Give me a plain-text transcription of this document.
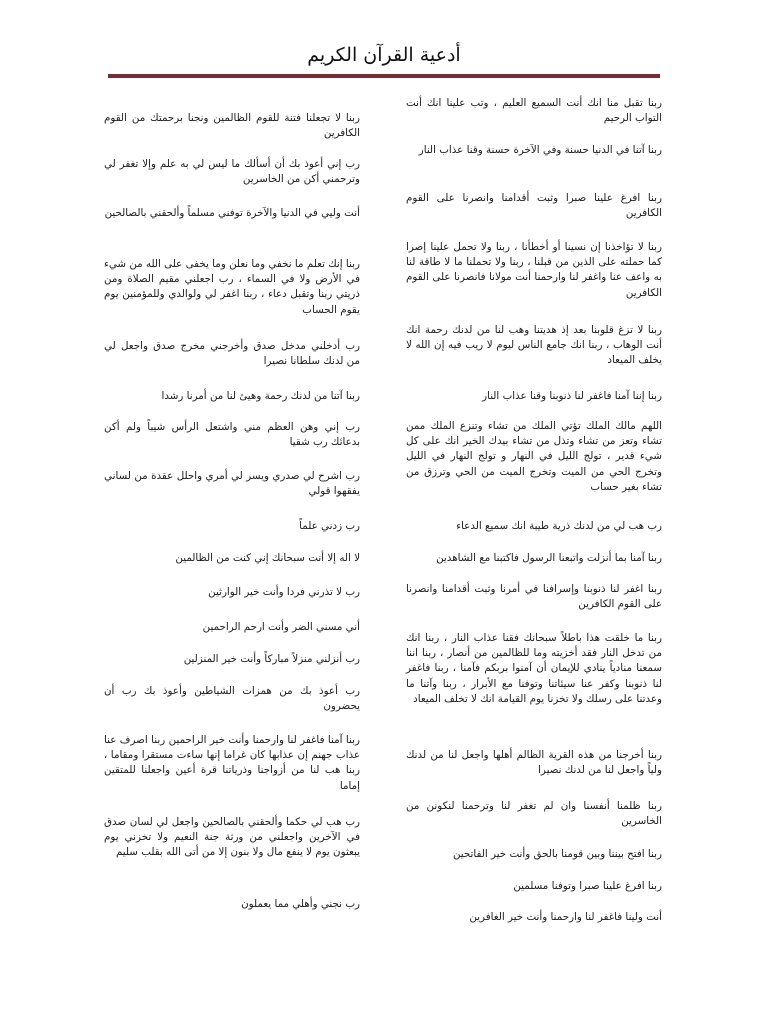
أدعية القرآن الكريم

ربنا تقبل منا انك أنت السميع العليم ، وتب علينا انك أنت التواب الرحيم

ربنا آتنا في الدنيا حسنة وفي الآخرة حسنة وقنا عذاب النار

ربنا افرغ علينا صبرا وثبت أقدامنا وانصرنا على القوم الكافرين

ربنا لا تؤاخذنا إن نسينا أو أخطأنا ، ربنا ولا تحمل علينا إصرا كما حملته على الذين من قبلنا ، ربنا ولا تحملنا ما لا طاقة لنا به واعف عنا واغفر لنا وارحمنا أنت مولانا فانصرنا على القوم الكافرين

ربنا لا تزغ قلوبنا بعد إذ هديتنا وهب لنا من لدنك رحمة انك أنت الوهاب ، ربنا انك جامع الناس ليوم لا ريب فيه إن الله لا يخلف الميعاد

ربنا إننا آمنا فاغفر لنا ذنوبنا وقنا عذاب النار

اللهم مالك الملك تؤتي الملك من تشاء وتنزع الملك ممن تشاء وتعز من تشاء وتذل من تشاء بيدك الخير انك على كل شيء قدير ، تولج الليل في النهار و تولج النهار في الليل وتخرج الحي من الميت وتخرج الميت من الحي وترزق من تشاء بغير حساب

رب هب لي من لدنك ذرية طيبة انك سميع الدعاء

ربنا آمنا بما أنزلت واتبعنا الرسول فاكتبنا مع الشاهدين

ربنا اغفر لنا ذنوبنا وإسرافنا في أمرنا وثبت أقدامنا وانصرنا على القوم الكافرين

ربنا ما خلقت هذا باطلاً سبحانك فقنا عذاب النار ، ربنا انك من تدخل النار فقد أخزيته وما للظالمين من أنصار ، ربنا اننا سمعنا منادياً ينادي للإيمان أن آمنوا بربكم فآمنا ، ربنا فاغفر لنا ذنوبنا وكفر عنا سيئاتنا وتوفنا مع الأبرار ، ربنا وآتنا ما وعدتنا على رسلك ولا تخزنا يوم القيامة انك لا تخلف الميعاد

ربنا أخرجنا من هذه القرية الظالم أهلها واجعل لنا من لدنك ولياً واجعل لنا من لدنك نصيرا

ربنا ظلمنا أنفسنا وان لم تغفر لنا وترحمنا لنكونن من الخاسرين

ربنا افتح بيننا وبين قومنا بالحق وأنت خير الفاتحين

ربنا افرغ علينا صبرا وتوفنا مسلمين

أنت ولينا فاغفر لنا وارحمنا وأنت خير الغافرين

ربنا لا تجعلنا فتنة للقوم الظالمين ونجنا برحمتك من القوم الكافرين

رب إني أعوذ بك أن أسألك ما ليس لي به علم وإلا تغفر لي وترحمني أكن من الخاسرين

أنت وليي في الدنيا والآخرة توفني مسلماً وألحقني بالصالحين

ربنا إنك تعلم ما نخفي وما نعلن وما يخفى على الله من شيء في الأرض ولا في السماء ، رب اجعلني مقيم الصلاة ومن ذريتي ربنا وتقبل دعاء ، ربنا اغفر لي ولوالدي وللمؤمنين يوم يقوم الحساب

رب أدخلني مدخل صدق وأخرجني مخرج صدق واجعل لي من لدنك سلطانا نصيرا

ربنا آتنا من لدنك رحمة وهيئ لنا من أمرنا رشدا

رب إني وهن العظم مني واشتعل الرأس شيباً ولم أكن بدعائك رب شقيا

رب اشرح لي صدري ويسر لي أمري واحلل عقدة من لساني يفقهوا قولي

رب زدني علماً

لا اله إلا أنت سبحانك إني كنت من الظالمين

رب لا تذرني فردا وأنت خير الوارثين

أني مسني الضر وأنت ارحم الراحمين

رب أنزلني منزلاً مباركاً وأنت خير المنزلين

رب أعوذ بك من همزات الشياطين وأعوذ بك رب أن يحضرون

ربنا آمنا فاغفر لنا وارحمنا وأنت خير الراحمين ربنا اصرف عنا عذاب جهنم إن عذابها كان غراما إنها ساءت مستقرا ومقاما ، ربنا هب لنا من أزواجنا وذرياتنا قرة أعين واجعلنا للمتقين إماما

رب هب لي حكما وألحقني بالصالحين واجعل لي لسان صدق في الآخرين واجعلني من ورثة جنة النعيم ولا تخزني يوم يبعثون يوم لا ينفع مال ولا بنون إلا من أتى الله بقلب سليم

رب نجني وأهلي مما يعملون
